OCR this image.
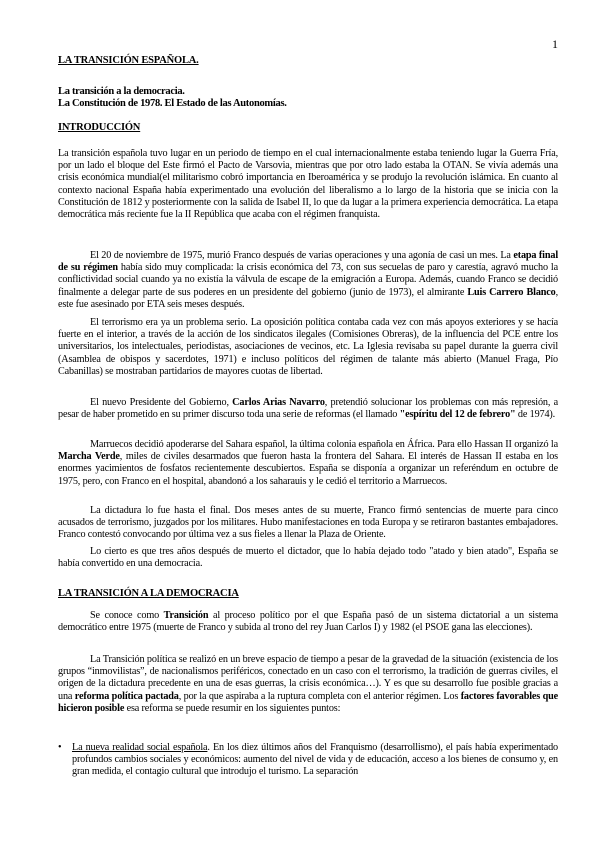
1
LA TRANSICIÓN ESPAÑOLA.
La transición a la democracia.
La Constitución de 1978. El Estado de las Autonomías.
INTRODUCCIÓN
La transición española tuvo lugar en un periodo de tiempo en el cual internacionalmente estaba teniendo lugar la Guerra Fría, por un lado el bloque del Este firmó el Pacto de Varsovia, mientras que por otro lado estaba la OTAN. Se vivía además una crisis económica mundial(el militarismo cobró importancia en Iberoamérica y se produjo la revolución islámica. En cuanto al contexto nacional España había experimentado una evolución del liberalismo a lo largo de la historia que se inicia con la Constitución de 1812 y posteriormente con la salida de Isabel II, lo que da lugar a la primera experiencia democrática. La etapa democrática más reciente fue la II República que acaba con el régimen franquista.
El 20 de noviembre de 1975, murió Franco después de varias operaciones y una agonía de casi un mes. La etapa final de su régimen había sido muy complicada: la crisis económica del 73, con sus secuelas de paro y carestía, agravó mucho la conflictividad social cuando ya no existía la válvula de escape de la emigración a Europa. Además, cuando Franco se decidió finalmente a delegar parte de sus poderes en un presidente del gobierno (junio de 1973), el almirante Luis Carrero Blanco, este fue asesinado por ETA seis meses después.
El terrorismo era ya un problema serio. La oposición política contaba cada vez con más apoyos exteriores y se hacía fuerte en el interior, a través de la acción de los sindicatos ilegales (Comisiones Obreras), de la influencia del PCE entre los universitarios, los intelectuales, periodistas, asociaciones de vecinos, etc. La Iglesia revisaba su papel durante la guerra civil (Asamblea de obispos y sacerdotes, 1971) e incluso políticos del régimen de talante más abierto (Manuel Fraga, Pío Cabanillas) se mostraban partidarios de mayores cuotas de libertad.
El nuevo Presidente del Gobierno, Carlos Arias Navarro, pretendió solucionar los problemas con más represión, a pesar de haber prometido en su primer discurso toda una serie de reformas (el llamado "espíritu del 12 de febrero" de 1974).
Marruecos decidió apoderarse del Sahara español, la última colonia española en África. Para ello Hassan II organizó la Marcha Verde, miles de civiles desarmados que fueron hasta la frontera del Sahara. El interés de Hassan II estaba en los enormes yacimientos de fosfatos recientemente descubiertos. España se disponía a organizar un referéndum en octubre de 1975, pero, con Franco en el hospital, abandonó a los saharauis y le cedió el territorio a Marruecos.
La dictadura lo fue hasta el final. Dos meses antes de su muerte, Franco firmó sentencias de muerte para cinco acusados de terrorismo, juzgados por los militares. Hubo manifestaciones en toda Europa y se retiraron bastantes embajadores. Franco contestó convocando por última vez a sus fieles a llenar la Plaza de Oriente.
Lo cierto es que tres años después de muerto el dictador, que lo había dejado todo "atado y bien atado", España se había convertido en una democracia.
LA TRANSICIÓN A LA DEMOCRACIA
Se conoce como Transición al proceso político por el que España pasó de un sistema dictatorial a un sistema democrático entre 1975 (muerte de Franco y subida al trono del rey Juan Carlos I) y 1982 (el PSOE gana las elecciones).
La Transición política se realizó en un breve espacio de tiempo a pesar de la gravedad de la situación (existencia de los grupos “inmovilistas”, de nacionalismos periféricos, conectado en un caso con el terrorismo, la tradición de guerras civiles, el origen de la dictadura precedente en una de esas guerras, la crisis económica…). Y es que su desarrollo fue posible gracias a una reforma política pactada, por la que aspiraba a la ruptura completa con el anterior régimen. Los factores favorables que hicieron posible esa reforma se puede resumir en los siguientes puntos:
•	La nueva realidad social española. En los diez últimos años del Franquismo (desarrollismo), el país había experimentado profundos cambios sociales y económicos: aumento del nivel de vida y de educación, acceso a los bienes de consumo y, en gran medida, el contagio cultural que introdujo el turismo. La separación
